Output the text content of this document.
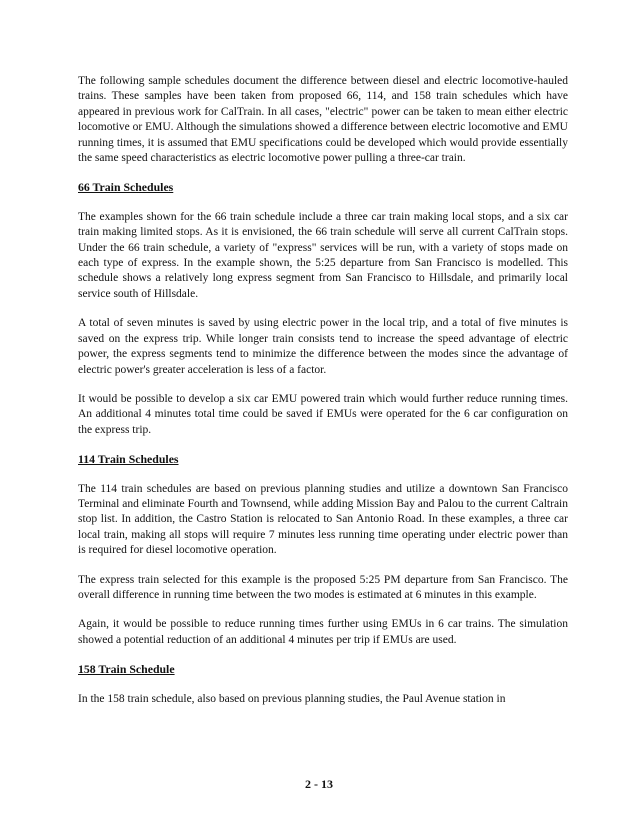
The following sample schedules document the difference between diesel and electric locomotive-hauled trains. These samples have been taken from proposed 66, 114, and 158 train schedules which have appeared in previous work for CalTrain. In all cases, "electric" power can be taken to mean either electric locomotive or EMU. Although the simulations showed a difference between electric locomotive and EMU running times, it is assumed that EMU specifications could be developed which would provide essentially the same speed characteristics as electric locomotive power pulling a three-car train.

66 Train Schedules

The examples shown for the 66 train schedule include a three car train making local stops, and a six car train making limited stops. As it is envisioned, the 66 train schedule will serve all current CalTrain stops. Under the 66 train schedule, a variety of "express" services will be run, with a variety of stops made on each type of express. In the example shown, the 5:25 departure from San Francisco is modelled. This schedule shows a relatively long express segment from San Francisco to Hillsdale, and primarily local service south of Hillsdale.

A total of seven minutes is saved by using electric power in the local trip, and a total of five minutes is saved on the express trip. While longer train consists tend to increase the speed advantage of electric power, the express segments tend to minimize the difference between the modes since the advantage of electric power's greater acceleration is less of a factor.

It would be possible to develop a six car EMU powered train which would further reduce running times. An additional 4 minutes total time could be saved if EMUs were operated for the 6 car configuration on the express trip.

114 Train Schedules

The 114 train schedules are based on previous planning studies and utilize a downtown San Francisco Terminal and eliminate Fourth and Townsend, while adding Mission Bay and Palou to the current Caltrain stop list. In addition, the Castro Station is relocated to San Antonio Road. In these examples, a three car local train, making all stops will require 7 minutes less running time operating under electric power than is required for diesel locomotive operation.

The express train selected for this example is the proposed 5:25 PM departure from San Francisco. The overall difference in running time between the two modes is estimated at 6 minutes in this example.

Again, it would be possible to reduce running times further using EMUs in 6 car trains. The simulation showed a potential reduction of an additional 4 minutes per trip if EMUs are used.

158 Train Schedule

In the 158 train schedule, also based on previous planning studies, the Paul Avenue station in

2 - 13
